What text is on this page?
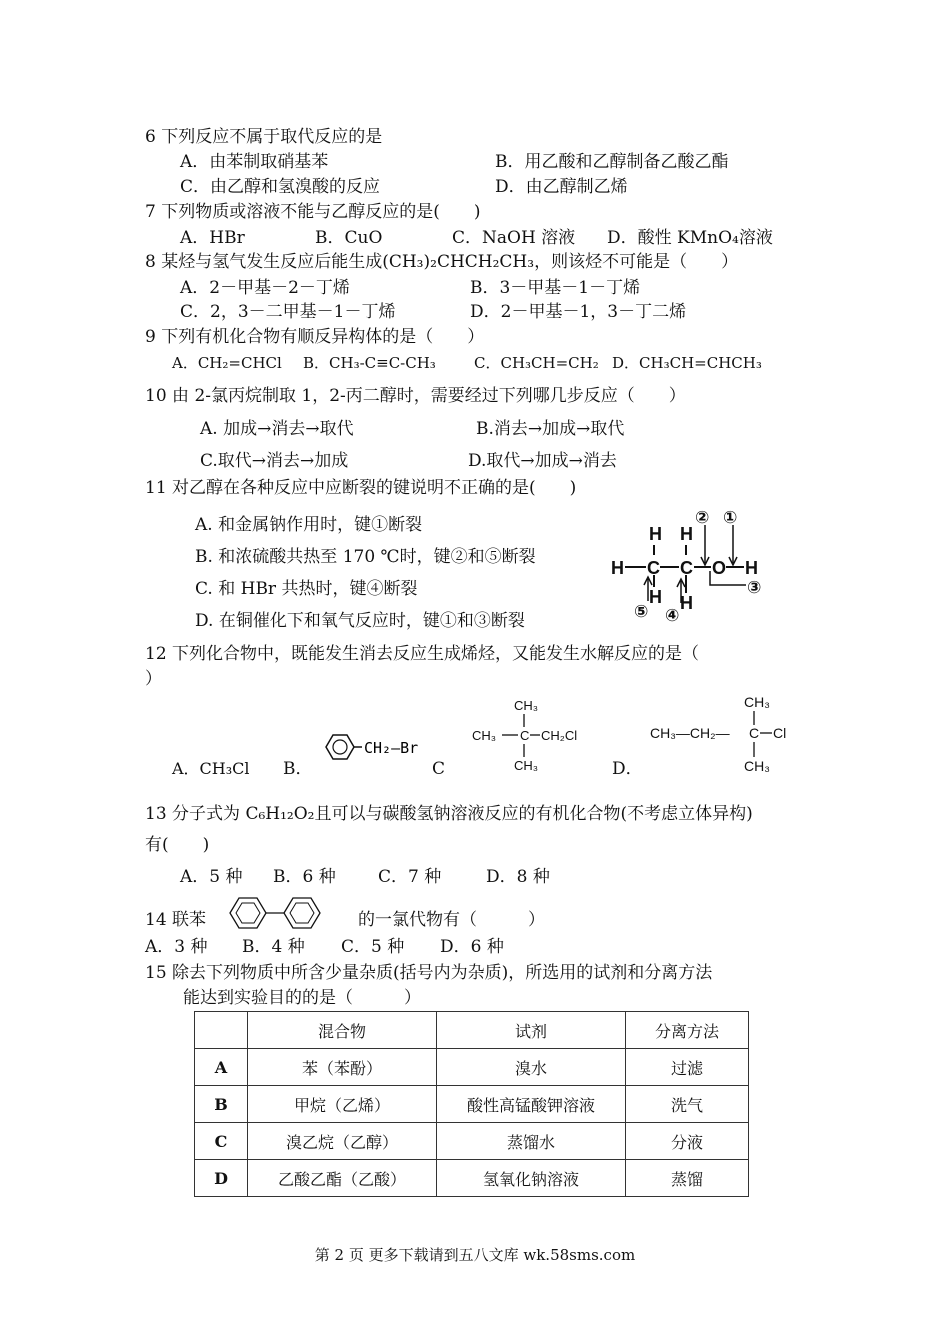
6 下列反应不属于取代反应的是
A．由苯制取硝基苯	B．用乙酸和乙醇制备乙酸乙酯
C．由乙醇和氢溴酸的反应	D．由乙醇制乙烯
7 下列物质或溶液不能与乙醇反应的是(　　)
A．HBr	B．CuO	C．NaOH 溶液 D．酸性 KMnO₄溶液
8 某烃与氢气发生反应后能生成(CH₃)₂CHCH₂CH₃，则该烃不可能是（　　）
A．2－甲基－2－丁烯	B．3－甲基－1－丁烯
C．2，3－二甲基－1－丁烯	D．2－甲基－1，3－丁二烯
9 下列有机化合物有顺反异构体的是（　　）
A．CH₂=CHCl B．CH₃-C≡C-CH₃	C．CH₃CH=CH₂ D．CH₃CH=CHCH₃
10 由 2-氯丙烷制取 1，2-丙二醇时，需要经过下列哪几步反应（　　）
A. 加成→消去→取代	B.消去→加成→取代
C.取代→消去→加成	D.取代→加成→消去
11 对乙醇在各种反应中应断裂的键说明不正确的是(　　)
A. 和金属钠作用时，键①断裂
B. 和浓硫酸共热至 170 ℃时，键②和⑤断裂
C. 和 HBr 共热时，键④断裂
D. 在铜催化下和氧气反应时，键①和③断裂
H H
H C C O H
H H
② ①
③
⑤ ④
12 下列化合物中，既能发生消去反应生成烯烃，又能发生水解反应的是（
）
A．CH₃Cl B．	C	D．
CH₂–Br
CH₃
CH₃ C CH₂Cl
CH₃
CH₃
CH₃—CH₂— C Cl
CH₃
13 分子式为 C₆H₁₂O₂且可以与碳酸氢钠溶液反应的有机化合物(不考虑立体异构)
有(　　)
A．5 种 B．6 种 C．7 种	D．8 种
14 联苯	的一氯代物有（　　　）
A．3 种 B．4 种 C．5 种 D．6 种
15 除去下列物质中所含少量杂质(括号内为杂质)，所选用的试剂和分离方法
能达到实验目的的是（　　　）
	混合物	试剂	分离方法
A	苯（苯酚）	溴水	过滤
B	甲烷（乙烯）	酸性高锰酸钾溶液	洗气
C	溴乙烷（乙醇）	蒸馏水	分液
D	乙酸乙酯（乙酸）	氢氧化钠溶液	蒸馏
第 2 页 更多下载请到五八文库 wk.58sms.com
